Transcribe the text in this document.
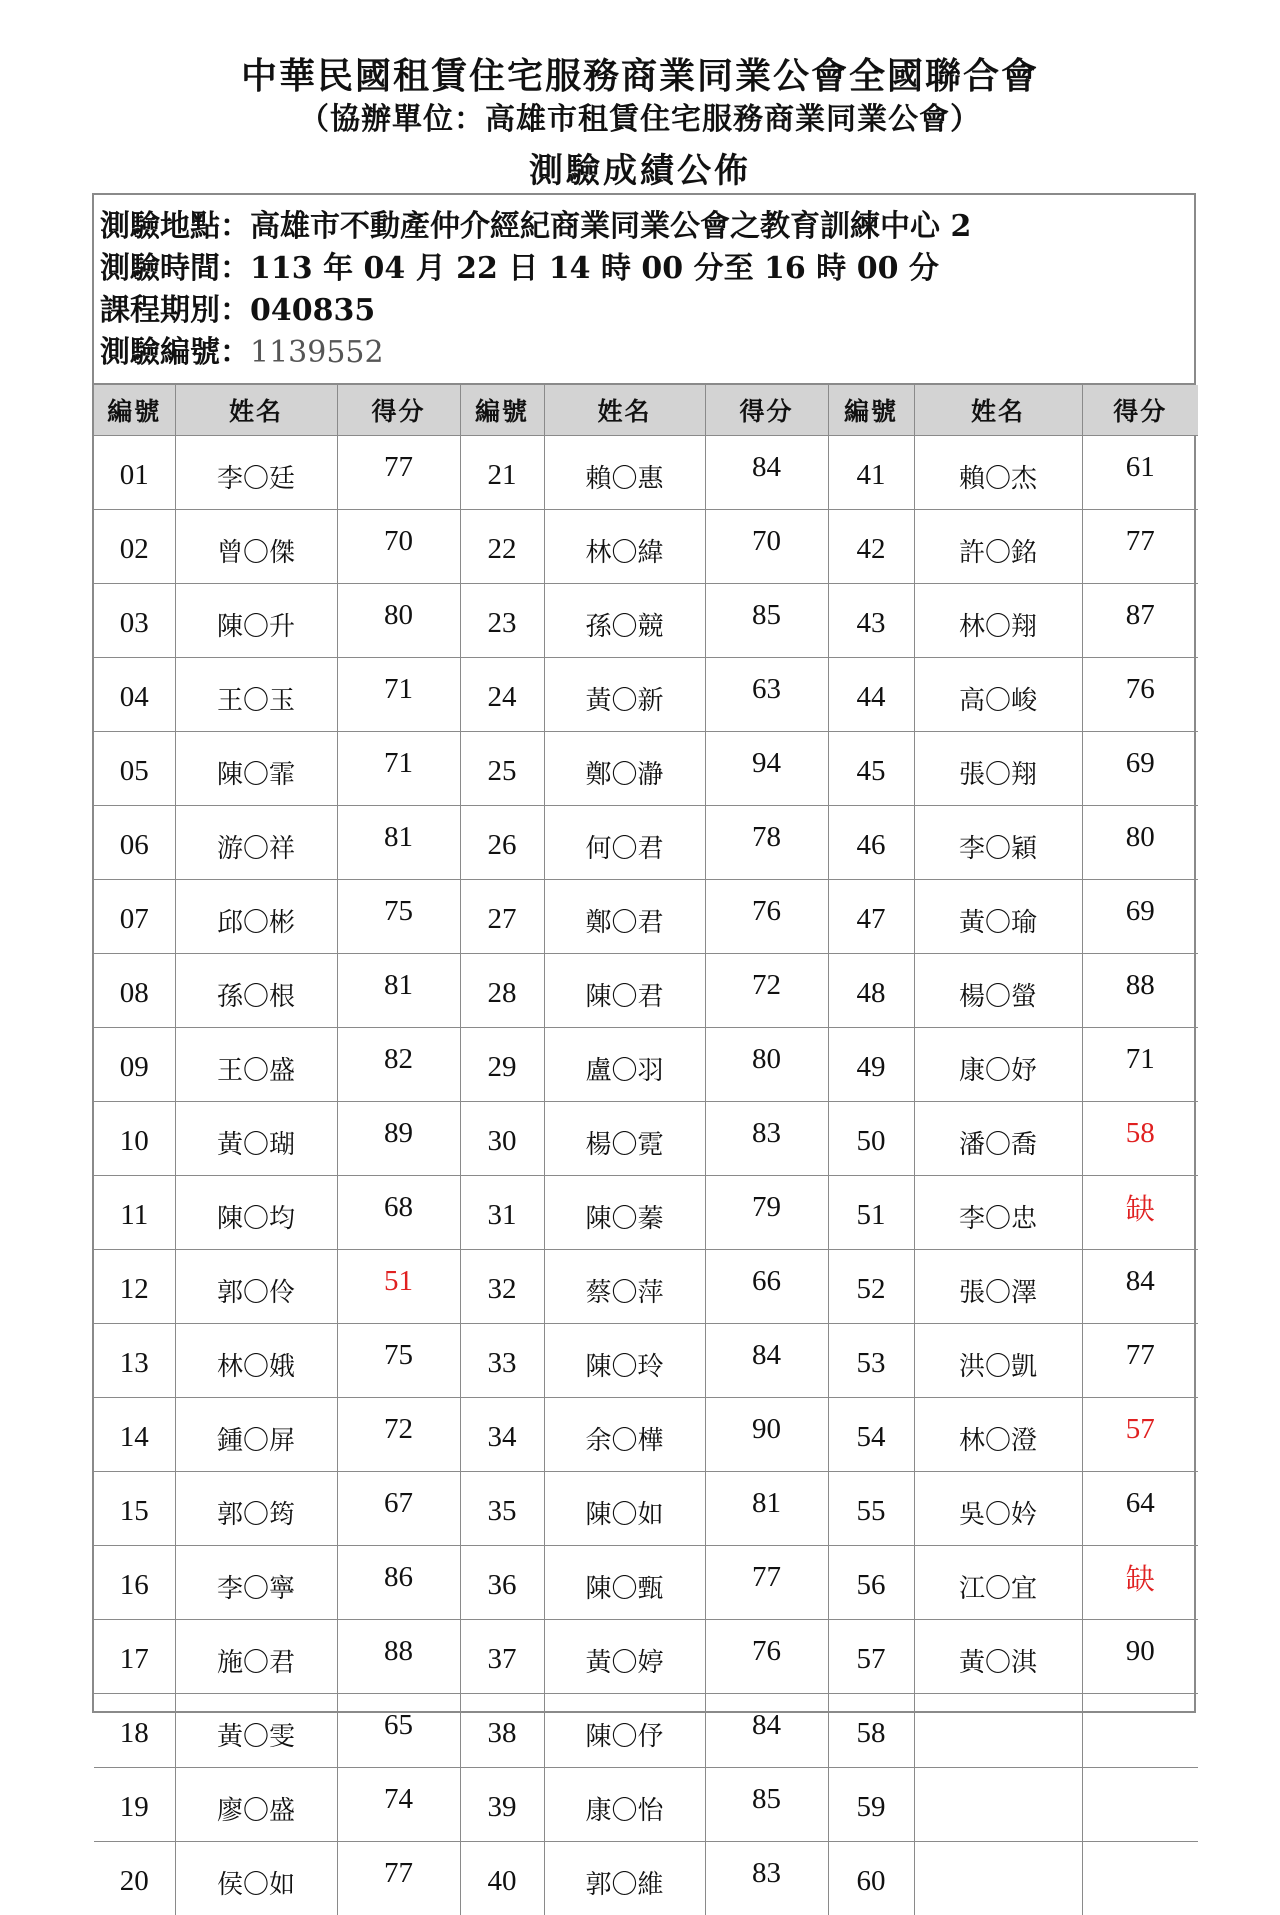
中華民國租賃住宅服務商業同業公會全國聯合會
（協辦單位：高雄市租賃住宅服務商業同業公會）
測驗成績公佈
測驗地點：高雄市不動產仲介經紀商業同業公會之教育訓練中心 2
測驗時間：113 年 04 月 22 日 14 時 00 分至 16 時 00 分
課程期別：040835
測驗編號：1139552
編號	姓名	得分	編號	姓名	得分	編號	姓名	得分
01	李〇廷	77	21	賴〇惠	84	41	賴〇杰	61
02	曾〇傑	70	22	林〇緯	70	42	許〇銘	77
03	陳〇升	80	23	孫〇競	85	43	林〇翔	87
04	王〇玉	71	24	黃〇新	63	44	高〇峻	76
05	陳〇霏	71	25	鄭〇瀞	94	45	張〇翔	69
06	游〇祥	81	26	何〇君	78	46	李〇穎	80
07	邱〇彬	75	27	鄭〇君	76	47	黃〇瑜	69
08	孫〇根	81	28	陳〇君	72	48	楊〇螢	88
09	王〇盛	82	29	盧〇羽	80	49	康〇妤	71
10	黃〇瑚	89	30	楊〇霓	83	50	潘〇喬	58
11	陳〇均	68	31	陳〇蓁	79	51	李〇忠	缺
12	郭〇伶	51	32	蔡〇萍	66	52	張〇澤	84
13	林〇娥	75	33	陳〇玲	84	53	洪〇凱	77
14	鍾〇屏	72	34	余〇樺	90	54	林〇澄	57
15	郭〇筠	67	35	陳〇如	81	55	吳〇妗	64
16	李〇寧	86	36	陳〇甄	77	56	江〇宜	缺
17	施〇君	88	37	黃〇婷	76	57	黃〇淇	90
18	黃〇雯	65	38	陳〇伃	84	58		
19	廖〇盛	74	39	康〇怡	85	59		
20	侯〇如	77	40	郭〇維	83	60		
